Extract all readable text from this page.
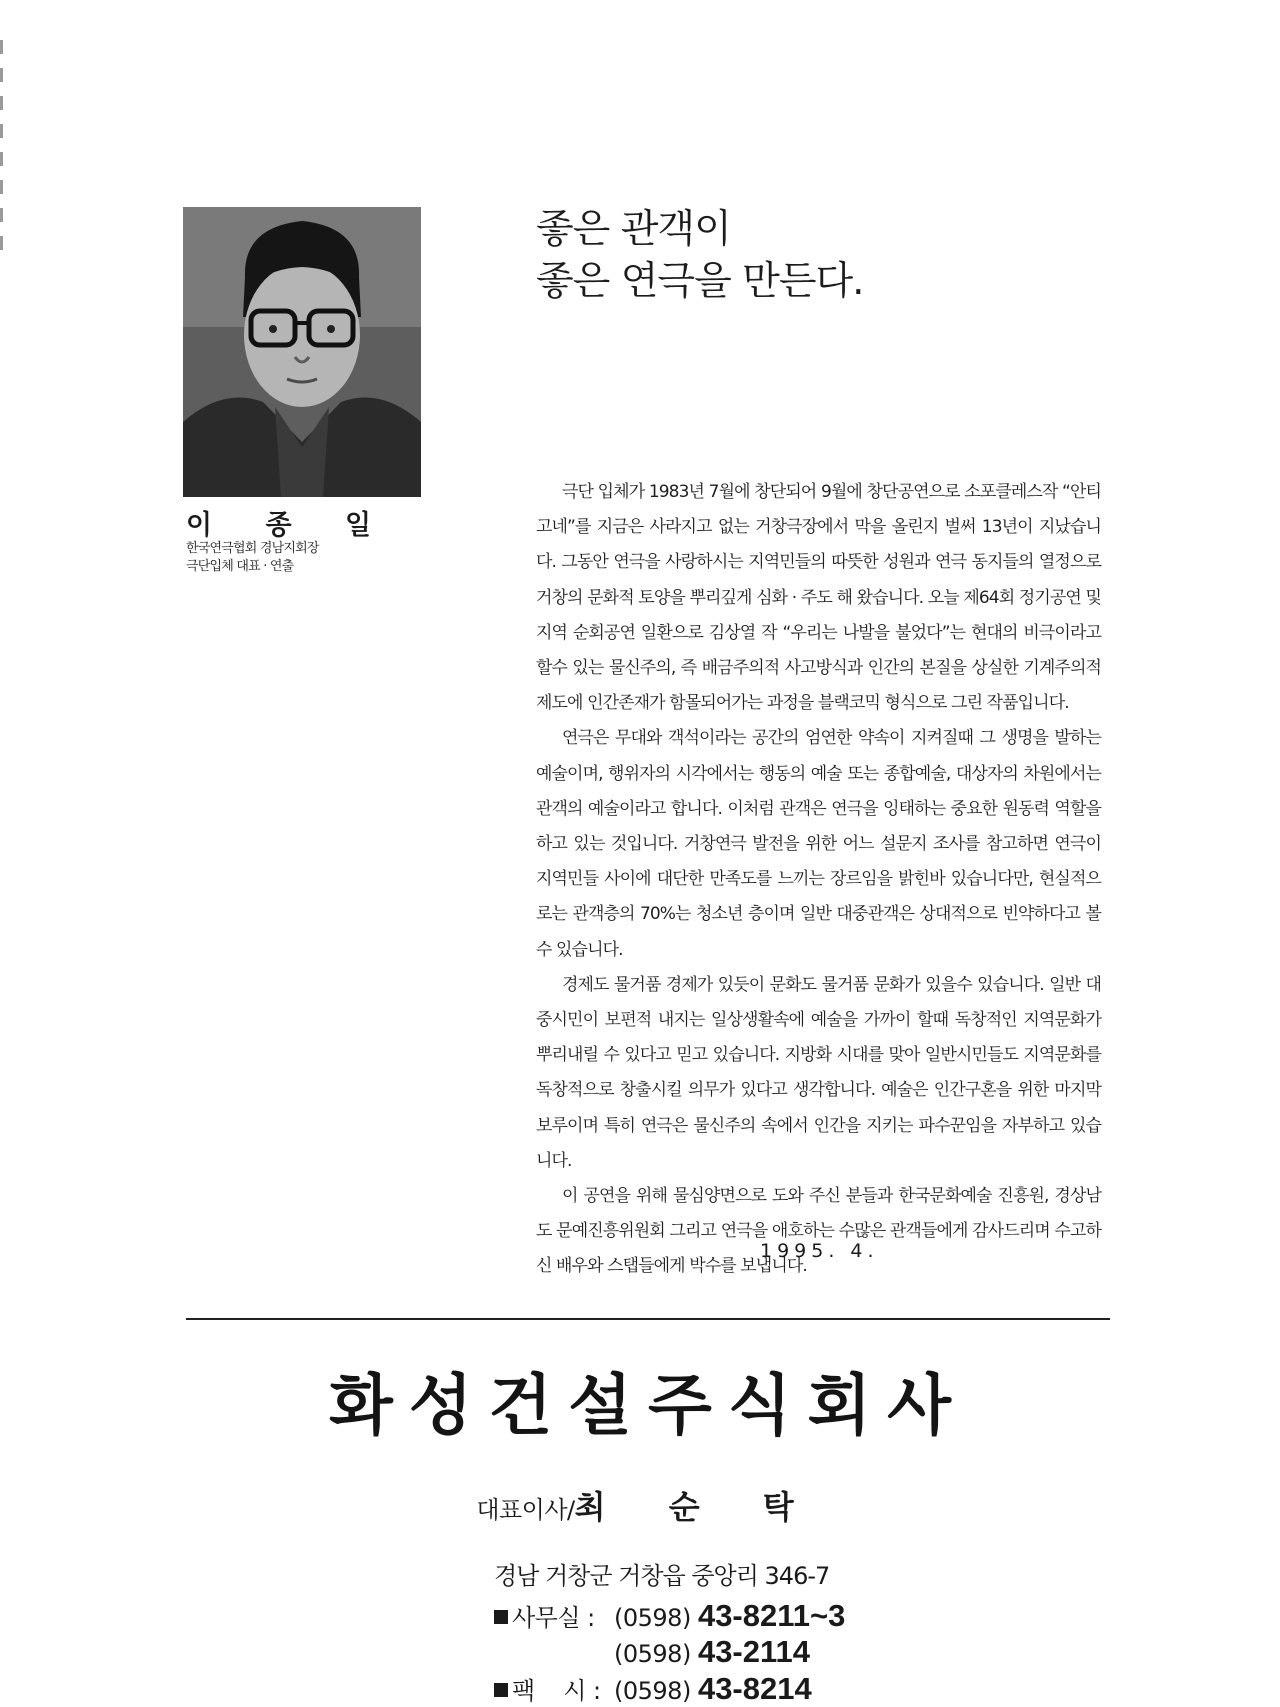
이 종 일
한국연극협회 경남지회장
극단입체 대표 · 연출
좋은 관객이
좋은 연극을 만든다.

극단 입체가 1983년 7월에 창단되어 9월에 창단공연으로 소포클레스작 “안티고네”를 지금은 사라지고 없는 거창극장에서 막을 올린지 벌써 13년이 지났습니다. 그동안 연극을 사랑하시는 지역민들의 따뜻한 성원과 연극 동지들의 열정으로 거창의 문화적 토양을 뿌리깊게 심화 · 주도 해 왔습니다. 오늘 제64회 정기공연 및 지역 순회공연 일환으로 김상열 작 “우리는 나발을 불었다”는 현대의 비극이라고 할수 있는 물신주의, 즉 배금주의적 사고방식과 인간의 본질을 상실한 기계주의적 제도에 인간존재가 함몰되어가는 과정을 블랙코믹 형식으로 그린 작품입니다.

연극은 무대와 객석이라는 공간의 엄연한 약속이 지켜질때 그 생명을 발하는 예술이며, 행위자의 시각에서는 행동의 예술 또는 종합예술, 대상자의 차원에서는 관객의 예술이라고 합니다. 이처럼 관객은 연극을 잉태하는 중요한 원동력 역할을 하고 있는 것입니다. 거창연극 발전을 위한 어느 설문지 조사를 참고하면 연극이 지역민들 사이에 대단한 만족도를 느끼는 장르임을 밝힌바 있습니다만, 현실적으로는 관객층의 70%는 청소년 층이며 일반 대중관객은 상대적으로 빈약하다고 볼 수 있습니다.

경제도 물거품 경제가 있듯이 문화도 물거품 문화가 있을수 있습니다. 일반 대중시민이 보편적 내지는 일상생활속에 예술을 가까이 할때 독창적인 지역문화가 뿌리내릴 수 있다고 믿고 있습니다. 지방화 시대를 맞아 일반시민들도 지역문화를 독창적으로 창출시킬 의무가 있다고 생각합니다. 예술은 인간구혼을 위한 마지막 보루이며 특히 연극은 물신주의 속에서 인간을 지키는 파수꾼임을 자부하고 있습니다.

이 공연을 위해 물심양면으로 도와 주신 분들과 한국문화예술 진흥원, 경상남도 문예진흥위원회 그리고 연극을 애호하는 수많은 관객들에게 감사드리며 수고하신 배우와 스탭들에게 박수를 보냅니다.

1995. 4.
화성건설주식회사
대표이사/최 순 탁
경남 거창군 거창읍 중앙리 346-7
사무실 : (0598) 43-8211~3
(0598) 43-2114
팩    시 : (0598) 43-8214
